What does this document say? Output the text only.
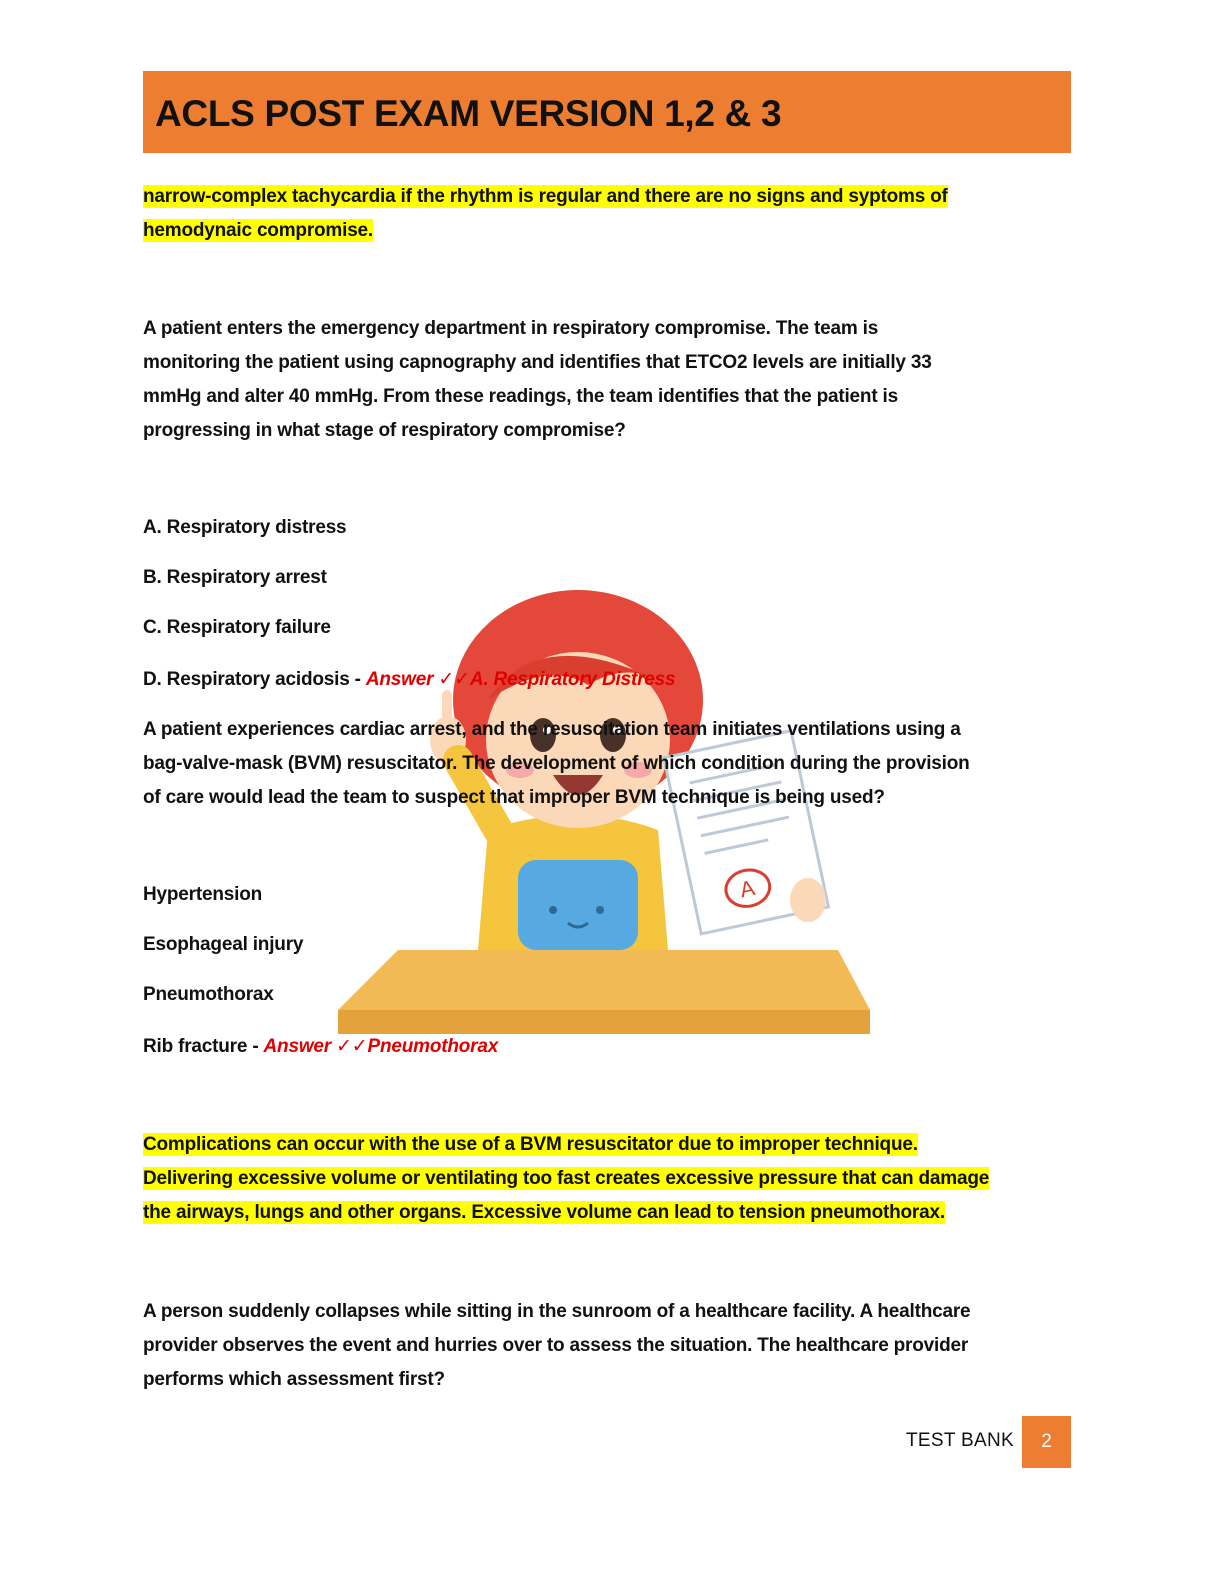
ACLS POST EXAM VERSION 1,2 & 3

narrow-complex tachycardia if the rhythm is regular and there are no signs and syptoms of

hemodynaic compromise.

A patient enters the emergency department in respiratory compromise. The team is

monitoring the patient using capnography and identifies that ETCO2 levels are initially 33

mmHg and alter 40 mmHg. From these readings, the team identifies that the patient is

progressing in what stage of respiratory compromise?

A. Respiratory distress
B. Respiratory arrest
C. Respiratory failure
A
D. Respiratory acidosis - Answer ✓✓A. Respiratory Distress

A patient experiences cardiac arrest, and the resuscitation team initiates ventilations using a

bag-valve-mask (BVM) resuscitator. The development of which condition during the provision

of care would lead the team to suspect that improper BVM technique is being used?

Hypertension
Esophageal injury
Pneumothorax
Rib fracture - Answer ✓✓Pneumothorax

Complications can occur with the use of a BVM resuscitator due to improper technique.

Delivering excessive volume or ventilating too fast creates excessive pressure that can damage

the airways, lungs and other organs. Excessive volume can lead to tension pneumothorax.

A person suddenly collapses while sitting in the sunroom of a healthcare facility. A healthcare

provider observes the event and hurries over to assess the situation. The healthcare provider

performs which assessment first?

TEST BANK	2
